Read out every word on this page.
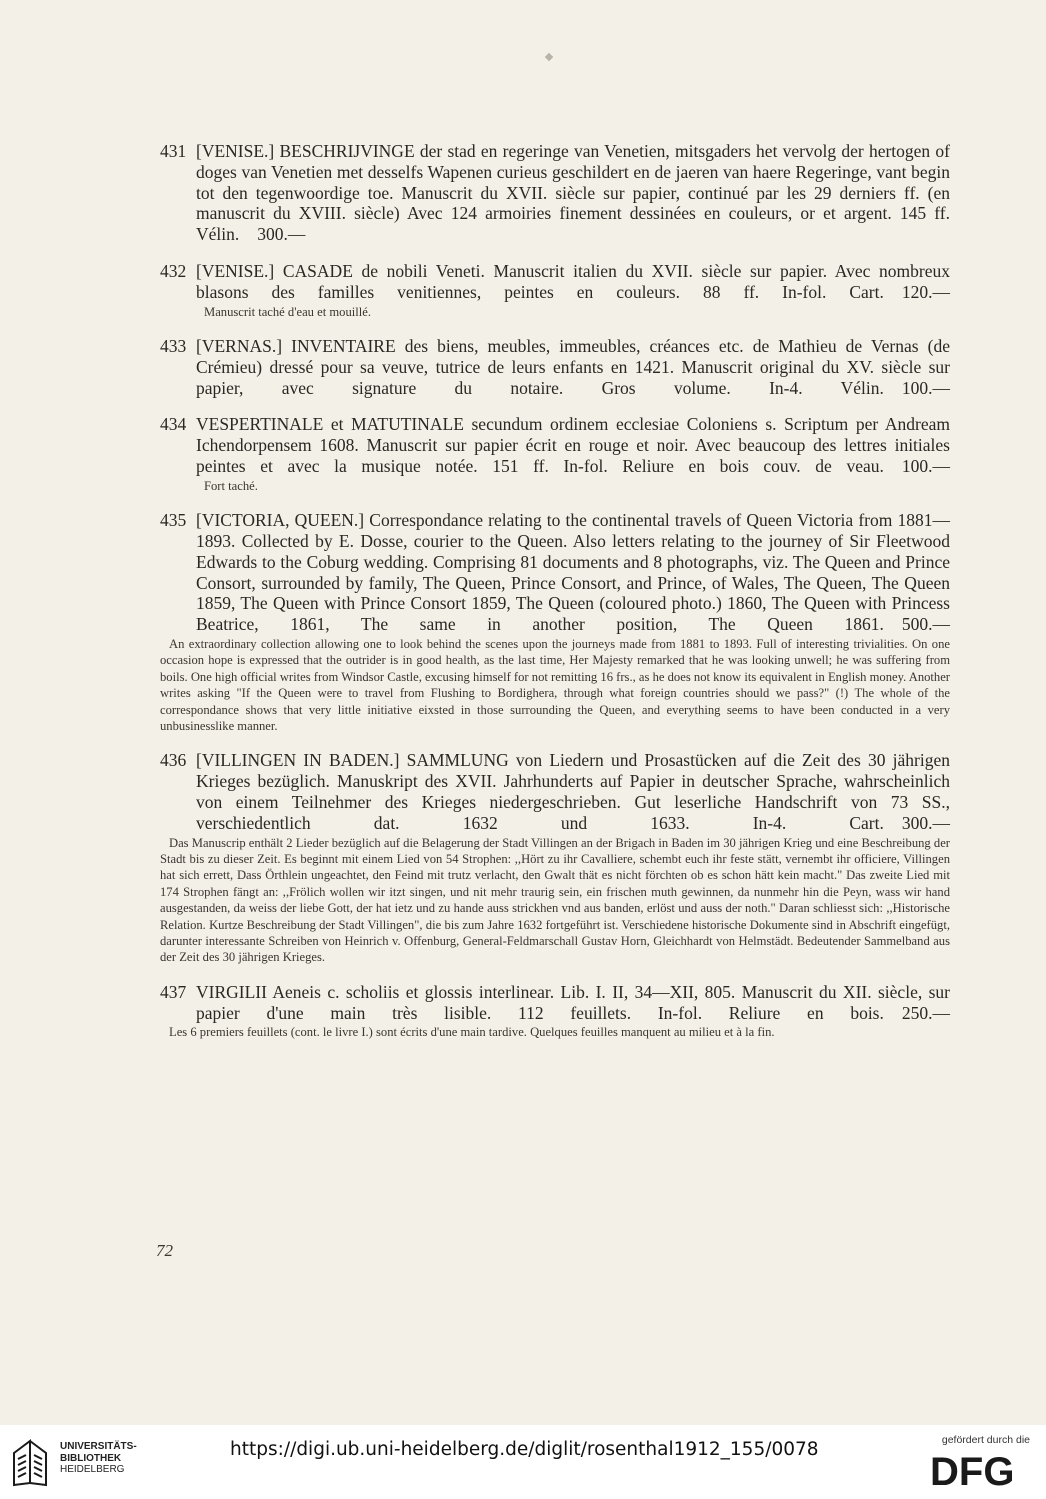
431 [VENISE.] BESCHRIJVINGE der stad en regeringe van Venetien, mitsgaders het vervolg der hertogen of doges van Venetien met desselfs Wapenen curieus geschildert en de jaeren van haere Regeringe, vant begin tot den tegenwoordige toe. Manuscrit du XVII. siècle sur papier, continué par les 29 derniers ff. (en manuscrit du XVIII. siècle) Avec 124 armoiries finement dessinées en couleurs, or et argent. 145 ff. Vélin. 300.—

432 [VENISE.] CASADE de nobili Veneti. Manuscrit italien du XVII. siècle sur papier. Avec nombreux blasons des familles venitiennes, peintes en couleurs. 88 ff. In-fol. Cart. 120.—

Manuscrit taché d'eau et mouillé.

433 [VERNAS.] INVENTAIRE des biens, meubles, immeubles, créances etc. de Mathieu de Vernas (de Crémieu) dressé pour sa veuve, tutrice de leurs enfants en 1421. Manuscrit original du XV. siècle sur papier, avec signature du notaire. Gros volume. In-4. Vélin. 100.—

434 VESPERTINALE et MATUTINALE secundum ordinem ecclesiae Coloniens s. Scriptum per Andream Ichendorpensem 1608. Manuscrit sur papier écrit en rouge et noir. Avec beaucoup des lettres initiales peintes et avec la musique notée. 151 ff. In-fol. Reliure en bois couv. de veau. 100.—

Fort taché.

435 [VICTORIA, QUEEN.] Correspondance relating to the continental travels of Queen Victoria from 1881—1893. Collected by E. Dosse, courier to the Queen. Also letters relating to the journey of Sir Fleetwood Edwards to the Coburg wedding. Comprising 81 documents and 8 photographs, viz. The Queen and Prince Consort, surrounded by family, The Queen, Prince Consort, and Prince, of Wales, The Queen, The Queen 1859, The Queen with Prince Consort 1859, The Queen (coloured photo.) 1860, The Queen with Princess Beatrice, 1861, The same in another position, The Queen 1861. 500.—

An extraordinary collection allowing one to look behind the scenes upon the journeys made from 1881 to 1893. Full of interesting trivialities. On one occasion hope is expressed that the outrider is in good health, as the last time, Her Majesty remarked that he was looking unwell; he was suffering from boils. One high official writes from Windsor Castle, excusing himself for not remitting 16 frs., as he does not know its equivalent in English money. Another writes asking "If the Queen were to travel from Flushing to Bordighera, through what foreign countries should we pass?" (!) The whole of the correspondance shows that very little initiative eixsted in those surrounding the Queen, and everything seems to have been conducted in a very unbusinesslike manner.

436 [VILLINGEN IN BADEN.] SAMMLUNG von Liedern und Prosastücken auf die Zeit des 30 jährigen Krieges bezüglich. Manuskript des XVII. Jahrhunderts auf Papier in deutscher Sprache, wahrscheinlich von einem Teilnehmer des Krieges niedergeschrieben. Gut leserliche Handschrift von 73 SS., verschiedentlich dat. 1632 und 1633. In-4. Cart. 300.—

Das Manuscrip enthält 2 Lieder bezüglich auf die Belagerung der Stadt Villingen an der Brigach in Baden im 30 jährigen Krieg und eine Beschreibung der Stadt bis zu dieser Zeit. Es beginnt mit einem Lied von 54 Strophen: ,,Hört zu ihr Cavalliere, schembt euch ihr feste stätt, vernembt ihr officiere, Villingen hat sich errett, Dass Örthlein ungeachtet, den Feind mit trutz verlacht, den Gwalt thät es nicht förchten ob es schon hätt kein macht." Das zweite Lied mit 174 Strophen fängt an: ,,Frölich wollen wir itzt singen, und nit mehr traurig sein, ein frischen muth gewinnen, da nunmehr hin die Peyn, wass wir hand ausgestanden, da weiss der liebe Gott, der hat ietz und zu hande auss strickhen vnd aus banden, erlöst und auss der noth." Daran schliesst sich: ,,Historische Relation. Kurtze Beschreibung der Stadt Villingen", die bis zum Jahre 1632 fortgeführt ist. Verschiedene historische Dokumente sind in Abschrift eingefügt, darunter interessante Schreiben von Heinrich v. Offenburg, General-Feldmarschall Gustav Horn, Gleichhardt von Helmstädt. Bedeutender Sammelband aus der Zeit des 30 jährigen Krieges.

437 VIRGILII Aeneis c. scholiis et glossis interlinear. Lib. I. II, 34—XII, 805. Manuscrit du XII. siècle, sur papier d'une main très lisible. 112 feuillets. In-fol. Reliure en bois. 250.—

Les 6 premiers feuillets (cont. le livre I.) sont écrits d'une main tardive. Quelques feuilles manquent au milieu et à la fin.

72
UNIVERSITÄTS-
BIBLIOTHEK
HEIDELBERG
https://digi.ub.uni-heidelberg.de/diglit/rosenthal1912_155/0078	gefördert durch die
DFG
